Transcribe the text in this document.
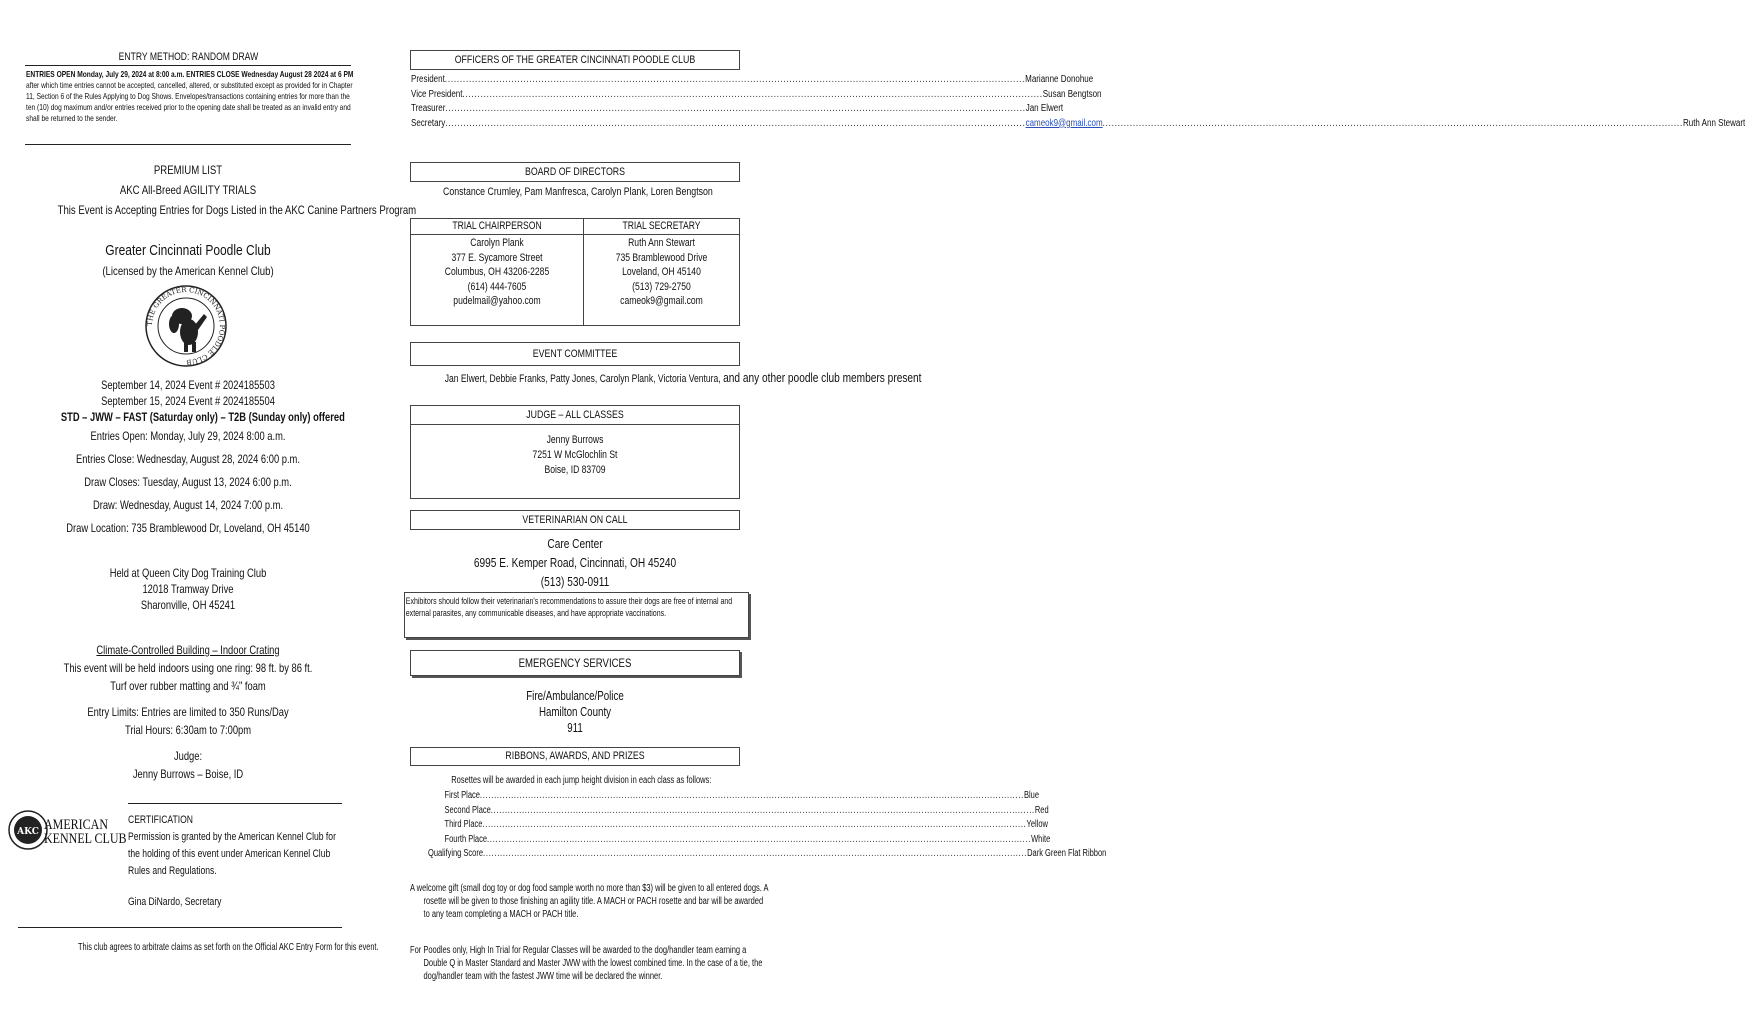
ENTRY METHOD: RANDOM DRAW
ENTRIES OPEN Monday, July 29, 2024 at 8:00 a.m. ENTRIES CLOSE Wednesday August 28 2024 at 6 PM
after which time entries cannot be accepted, cancelled, altered, or substituted except as provided for in Chapter 11, Section 6 of the Rules Applying to Dog Shows. Envelopes/transactions containing entries for more than the ten (10) dog maximum and/or entries received prior to the opening date shall be treated as an invalid entry and shall be returned to the sender.
PREMIUM LIST
AKC All-Breed AGILITY TRIALS
This Event is Accepting Entries for Dogs Listed in the AKC Canine Partners Program
Greater Cincinnati Poodle Club
(Licensed by the American Kennel Club)
THE GREATER CINCINNATI POODLE CLUB
September 14, 2024 Event # 2024185503
September 15, 2024 Event # 2024185504
STD – JWW – FAST (Saturday only) – T2B (Sunday only) offered
Entries Open: Monday, July 29, 2024 8:00 a.m.
Entries Close: Wednesday, August 28, 2024 6:00 p.m.
Draw Closes: Tuesday, August 13, 2024 6:00 p.m.
Draw: Wednesday, August 14, 2024 7:00 p.m.
Draw Location: 735 Bramblewood Dr, Loveland, OH 45140
Held at Queen City Dog Training Club
12018 Tramway Drive
Sharonville, OH 45241
Climate-Controlled Building – Indoor Crating
This event will be held indoors using one ring: 98 ft. by 86 ft.
Turf over rubber matting and ¾" foam
Entry Limits: Entries are limited to 350 Runs/Day
Trial Hours: 6:30am to 7:00pm
Judge:
Jenny Burrows – Boise, ID
AKC AMERICAN
KENNEL CLUB
CERTIFICATION
Permission is granted by the American Kennel Club for the holding of this event under American Kennel Club Rules and Regulations.
Gina DiNardo, Secretary
This club agrees to arbitrate claims as set forth on the Official AKC Entry Form for this event.
OFFICERS OF THE GREATER CINCINNATI POODLE CLUB
President .....	Marianne Donohue
Vice President .....	Susan Bengtson
Treasurer .....	Jan Elwert
Secretary .....	cameok9@gmail.com .....	Ruth Ann Stewart
BOARD OF DIRECTORS
Constance Crumley, Pam Manfresca, Carolyn Plank, Loren Bengtson
TRIAL CHAIRPERSON
Carolyn Plank
377 E. Sycamore Street
Columbus, OH 43206-2285
(614) 444-7605
pudelmail@yahoo.com
TRIAL SECRETARY
Ruth Ann Stewart
735 Bramblewood Drive
Loveland, OH 45140
(513) 729-2750
cameok9@gmail.com
EVENT COMMITTEE
Jan Elwert, Debbie Franks, Patty Jones, Carolyn Plank, Victoria Ventura, and any other poodle club members present
JUDGE – ALL CLASSES
Jenny Burrows
7251 W McGlochlin St
Boise, ID 83709
VETERINARIAN ON CALL
Care Center
6995 E. Kemper Road, Cincinnati, OH 45240
(513) 530-0911
Exhibitors should follow their veterinarian's recommendations to assure their dogs are free of internal and external parasites, any communicable diseases, and have appropriate vaccinations.
EMERGENCY SERVICES
Fire/Ambulance/Police
Hamilton County
911
RIBBONS, AWARDS, AND PRIZES
Rosettes will be awarded in each jump height division in each class as follows:
First Place .....	Blue
Second Place .....	Red
Third Place .....	Yellow
Fourth Place .....	White
Qualifying Score .....	Dark Green Flat Ribbon
A welcome gift (small dog toy or dog food sample worth no more than $3) will be given to all entered dogs. A rosette will be given to those finishing an agility title. A MACH or PACH rosette and bar will be awarded to any team completing a MACH or PACH title.
For Poodles only, High In Trial for Regular Classes will be awarded to the dog/handler team earning a Double Q in Master Standard and Master JWW with the lowest combined time. In the case of a tie, the dog/handler team with the fastest JWW time will be declared the winner.
